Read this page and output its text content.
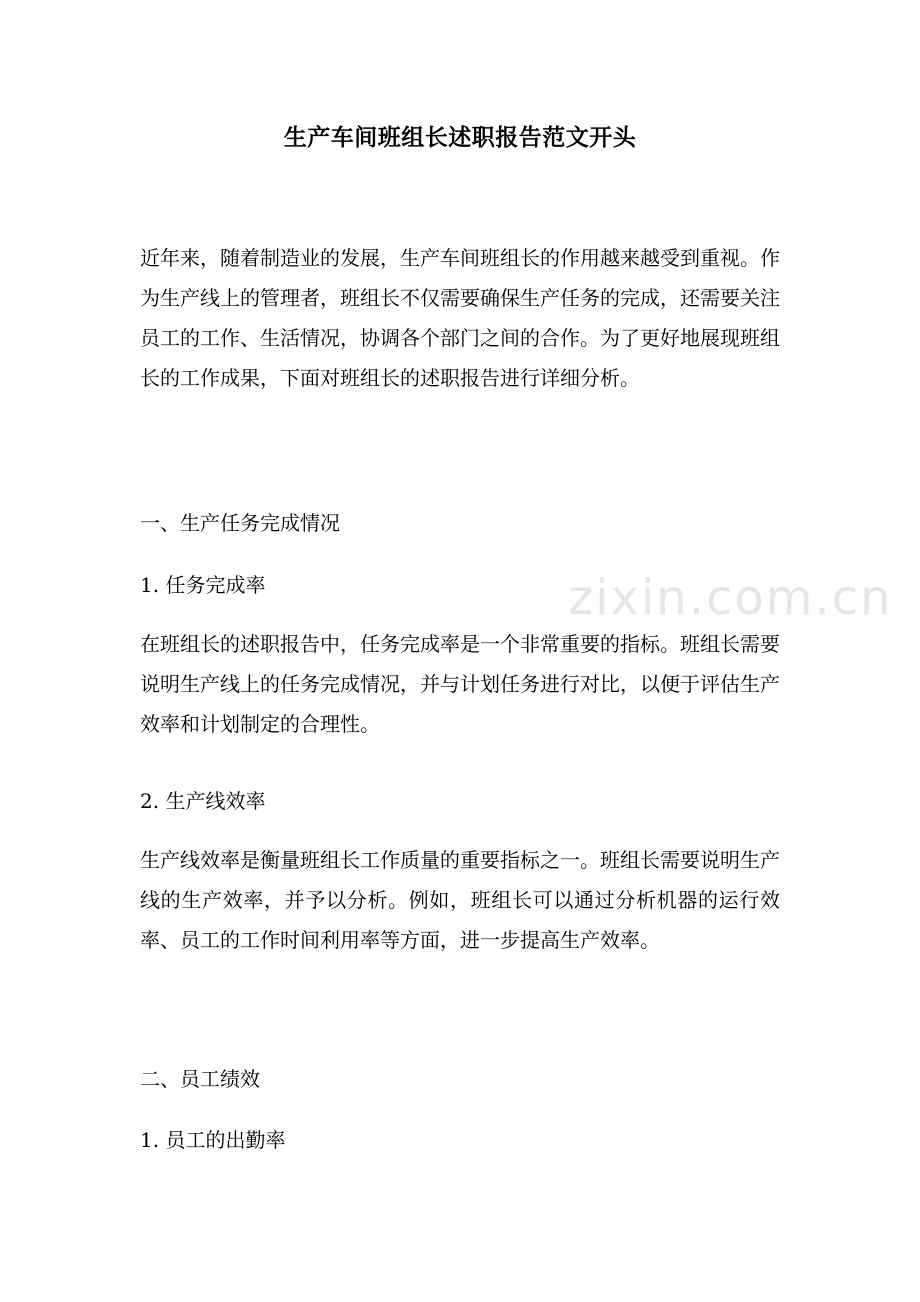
zixin.com.cn
生产车间班组长述职报告范文开头

近年来，随着制造业的发展，生产车间班组长的作用越来越受到重视。作为生产线上的管理者，班组长不仅需要确保生产任务的完成，还需要关注员工的工作、生活情况，协调各个部门之间的合作。为了更好地展现班组长的工作成果，下面对班组长的述职报告进行详细分析。

一、生产任务完成情况
1. 任务完成率

在班组长的述职报告中，任务完成率是一个非常重要的指标。班组长需要说明生产线上的任务完成情况，并与计划任务进行对比，以便于评估生产效率和计划制定的合理性。

2. 生产线效率

生产线效率是衡量班组长工作质量的重要指标之一。班组长需要说明生产线的生产效率，并予以分析。例如，班组长可以通过分析机器的运行效率、员工的工作时间利用率等方面，进一步提高生产效率。

二、员工绩效
1. 员工的出勤率
